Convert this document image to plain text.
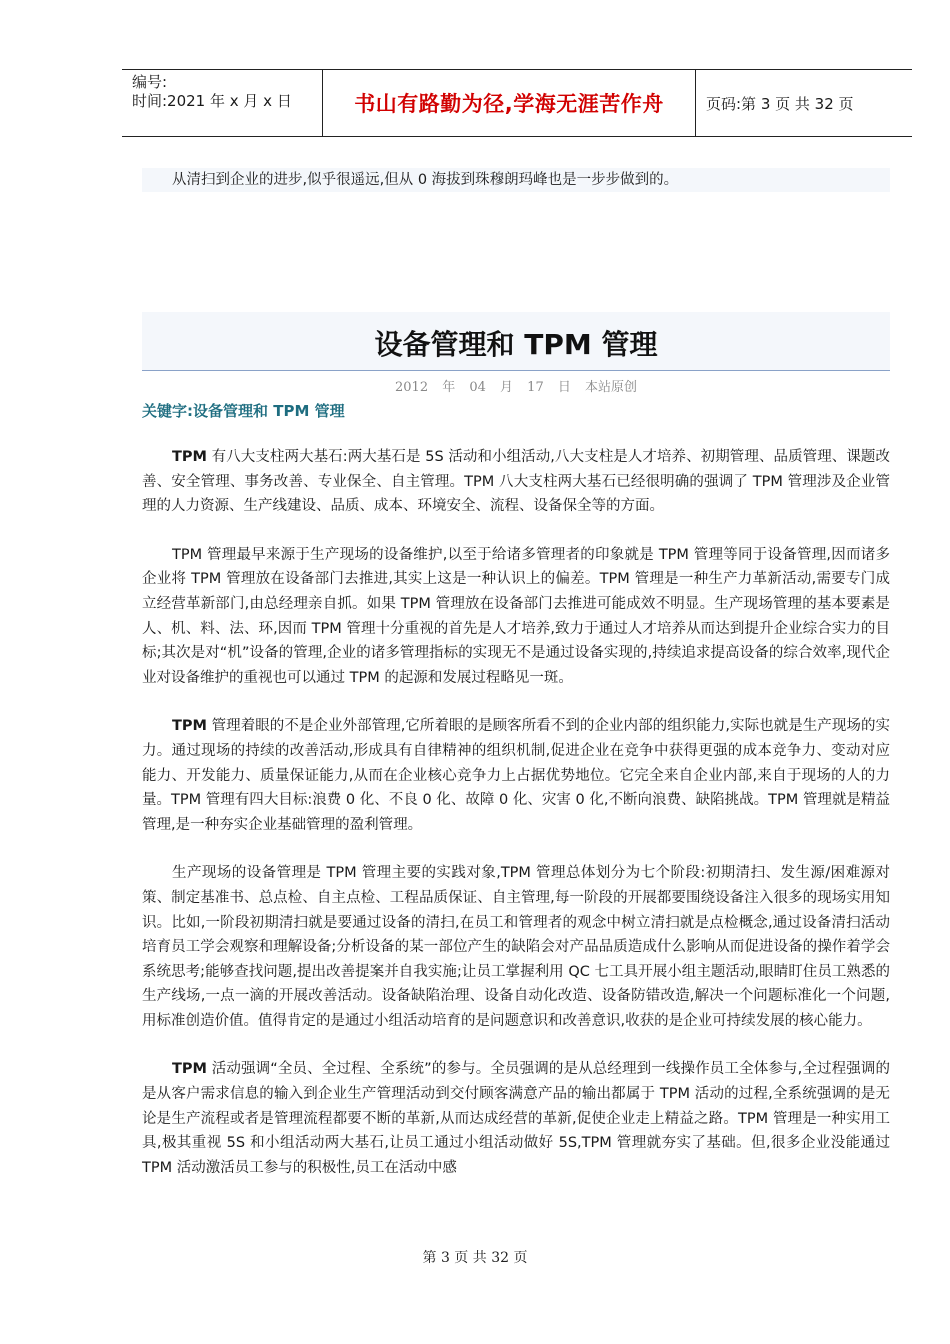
编号:
时间:2021 年 x 月 x 日	书山有路勤为径,学海无涯苦作舟	页码:第 3 页 共 32 页
从清扫到企业的进步,似乎很遥远,但从 0 海拔到珠穆朗玛峰也是一步步做到的。
设备管理和 TPM 管理
2012 年 04 月 17 日 本站原创
关键字:设备管理和 TPM 管理

TPM 有八大支柱两大基石:两大基石是 5S 活动和小组活动,八大支柱是人才培养、初期管理、品质管理、课题改善、安全管理、事务改善、专业保全、自主管理。TPM 八大支柱两大基石已经很明确的强调了 TPM 管理涉及企业管理的人力资源、生产线建设、品质、成本、环境安全、流程、设备保全等的方面。

TPM 管理最早来源于生产现场的设备维护,以至于给诸多管理者的印象就是 TPM 管理等同于设备管理,因而诸多企业将 TPM 管理放在设备部门去推进,其实上这是一种认识上的偏差。TPM 管理是一种生产力革新活动,需要专门成立经营革新部门,由总经理亲自抓。如果 TPM 管理放在设备部门去推进可能成效不明显。生产现场管理的基本要素是人、机、料、法、环,因而 TPM 管理十分重视的首先是人才培养,致力于通过人才培养从而达到提升企业综合实力的目标;其次是对“机”设备的管理,企业的诸多管理指标的实现无不是通过设备实现的,持续追求提高设备的综合效率,现代企业对设备维护的重视也可以通过 TPM 的起源和发展过程略见一斑。

TPM 管理着眼的不是企业外部管理,它所着眼的是顾客所看不到的企业内部的组织能力,实际也就是生产现场的实力。通过现场的持续的改善活动,形成具有自律精神的组织机制,促进企业在竞争中获得更强的成本竞争力、变动对应能力、开发能力、质量保证能力,从而在企业核心竞争力上占据优势地位。它完全来自企业内部,来自于现场的人的力量。TPM 管理有四大目标:浪费 0 化、不良 0 化、故障 0 化、灾害 0 化,不断向浪费、缺陷挑战。TPM 管理就是精益管理,是一种夯实企业基础管理的盈利管理。

生产现场的设备管理是 TPM 管理主要的实践对象,TPM 管理总体划分为七个阶段:初期清扫、发生源/困难源对策、制定基准书、总点检、自主点检、工程品质保证、自主管理,每一阶段的开展都要围绕设备注入很多的现场实用知识。比如,一阶段初期清扫就是要通过设备的清扫,在员工和管理者的观念中树立清扫就是点检概念,通过设备清扫活动培育员工学会观察和理解设备;分析设备的某一部位产生的缺陷会对产品品质造成什么影响从而促进设备的操作着学会系统思考;能够查找问题,提出改善提案并自我实施;让员工掌握利用 QC 七工具开展小组主题活动,眼睛盯住员工熟悉的生产线场,一点一滴的开展改善活动。设备缺陷治理、设备自动化改造、设备防错改造,解决一个问题标准化一个问题,用标准创造价值。值得肯定的是通过小组活动培育的是问题意识和改善意识,收获的是企业可持续发展的核心能力。

TPM 活动强调“全员、全过程、全系统”的参与。全员强调的是从总经理到一线操作员工全体参与,全过程强调的是从客户需求信息的输入到企业生产管理活动到交付顾客满意产品的输出都属于 TPM 活动的过程,全系统强调的是无论是生产流程或者是管理流程都要不断的革新,从而达成经营的革新,促使企业走上精益之路。TPM 管理是一种实用工具,极其重视 5S 和小组活动两大基石,让员工通过小组活动做好 5S,TPM 管理就夯实了基础。但,很多企业没能通过 TPM 活动激活员工参与的积极性,员工在活动中感

第 3 页 共 32 页
